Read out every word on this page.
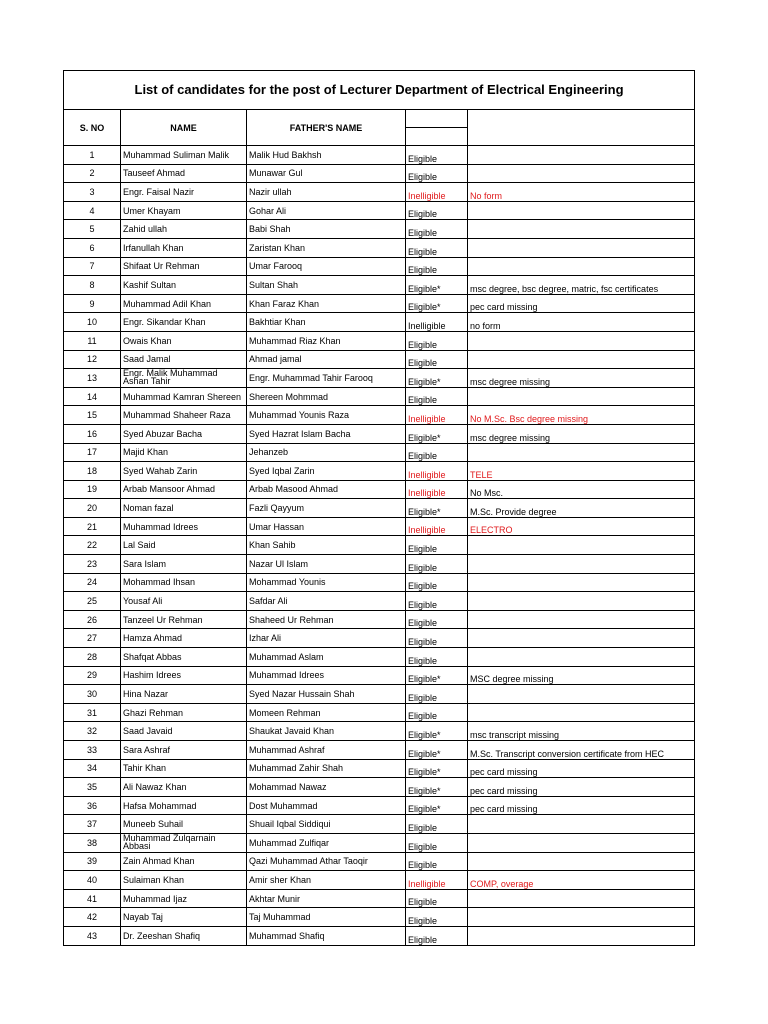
List of candidates for the post of Lecturer Department of Electrical Engineering				
S. NO	NAME	FATHER'S NAME	

1	Muhammad Suliman Malik	Malik Hud Bakhsh	Eligible	
2	Tauseef Ahmad	Munawar Gul	Eligible	
3	Engr. Faisal Nazir	Nazir ullah	Inelligible	No form
4	Umer Khayam	Gohar Ali	Eligible	
5	Zahid ullah	Babi Shah	Eligible	
6	Irfanullah Khan	Zaristan Khan	Eligible	
7	Shifaat Ur Rehman	Umar Farooq	Eligible	
8	Kashif Sultan	Sultan Shah	Eligible*	msc degree, bsc degree, matric, fsc certificates
9	Muhammad Adil Khan	Khan Faraz Khan	Eligible*	pec card missing
10	Engr. Sikandar Khan	Bakhtiar Khan	Inelligible	no form
11	Owais Khan	Muhammad Riaz Khan	Eligible	
12	Saad Jamal	Ahmad jamal	Eligible	
13	Engr. Malik Muhammad Ashan Tahir	Engr. Muhammad Tahir Farooq	Eligible*	msc degree missing
14	Muhammad Kamran Shereen	Shereen Mohmmad	Eligible	
15	Muhammad Shaheer Raza	Muhammad Younis Raza	Inelligible	No M.Sc. Bsc degree missing
16	Syed Abuzar Bacha	Syed Hazrat Islam Bacha	Eligible*	msc degree missing
17	Majid Khan	Jehanzeb	Eligible	
18	Syed Wahab Zarin	Syed Iqbal Zarin	Inelligible	TELE
19	Arbab Mansoor Ahmad	Arbab Masood Ahmad	Inelligible	No Msc.
20	Noman fazal	Fazli Qayyum	Eligible*	M.Sc. Provide degree
21	Muhammad Idrees	Umar Hassan	Inelligible	ELECTRO
22	Lal Said	Khan Sahib	Eligible	
23	Sara Islam	Nazar Ul Islam	Eligible	
24	Mohammad Ihsan	Mohammad Younis	Eligible	
25	Yousaf Ali	Safdar Ali	Eligible	
26	Tanzeel Ur Rehman	Shaheed Ur Rehman	Eligible	
27	Hamza Ahmad	Izhar Ali	Eligible	
28	Shafqat Abbas	Muhammad Aslam	Eligible	
29	Hashim Idrees	Muhammad Idrees	Eligible*	MSC degree missing
30	Hina Nazar	Syed Nazar Hussain Shah	Eligible	
31	Ghazi Rehman	Momeen Rehman	Eligible	
32	Saad Javaid	Shaukat Javaid Khan	Eligible*	msc transcript missing
33	Sara Ashraf	Muhammad Ashraf	Eligible*	M.Sc. Transcript conversion certificate from HEC
34	Tahir Khan	Muhammad Zahir Shah	Eligible*	pec card missing
35	Ali Nawaz Khan	Mohammad Nawaz	Eligible*	pec card missing
36	Hafsa Mohammad	Dost Muhammad	Eligible*	pec card missing
37	Muneeb Suhail	Shuail Iqbal Siddiqui	Eligible	
38	Muhammad Zulqarnain Abbasi	Muhammad Zulfiqar	Eligible	
39	Zain Ahmad Khan	Qazi Muhammad Athar Taoqir	Eligible	
40	Sulaiman Khan	Amir sher Khan	Inelligible	COMP, overage
41	Muhammad Ijaz	Akhtar Munir	Eligible	
42	Nayab Taj	Taj Muhammad	Eligible	
43	Dr. Zeeshan Shafiq	Muhammad Shafiq	Eligible	
